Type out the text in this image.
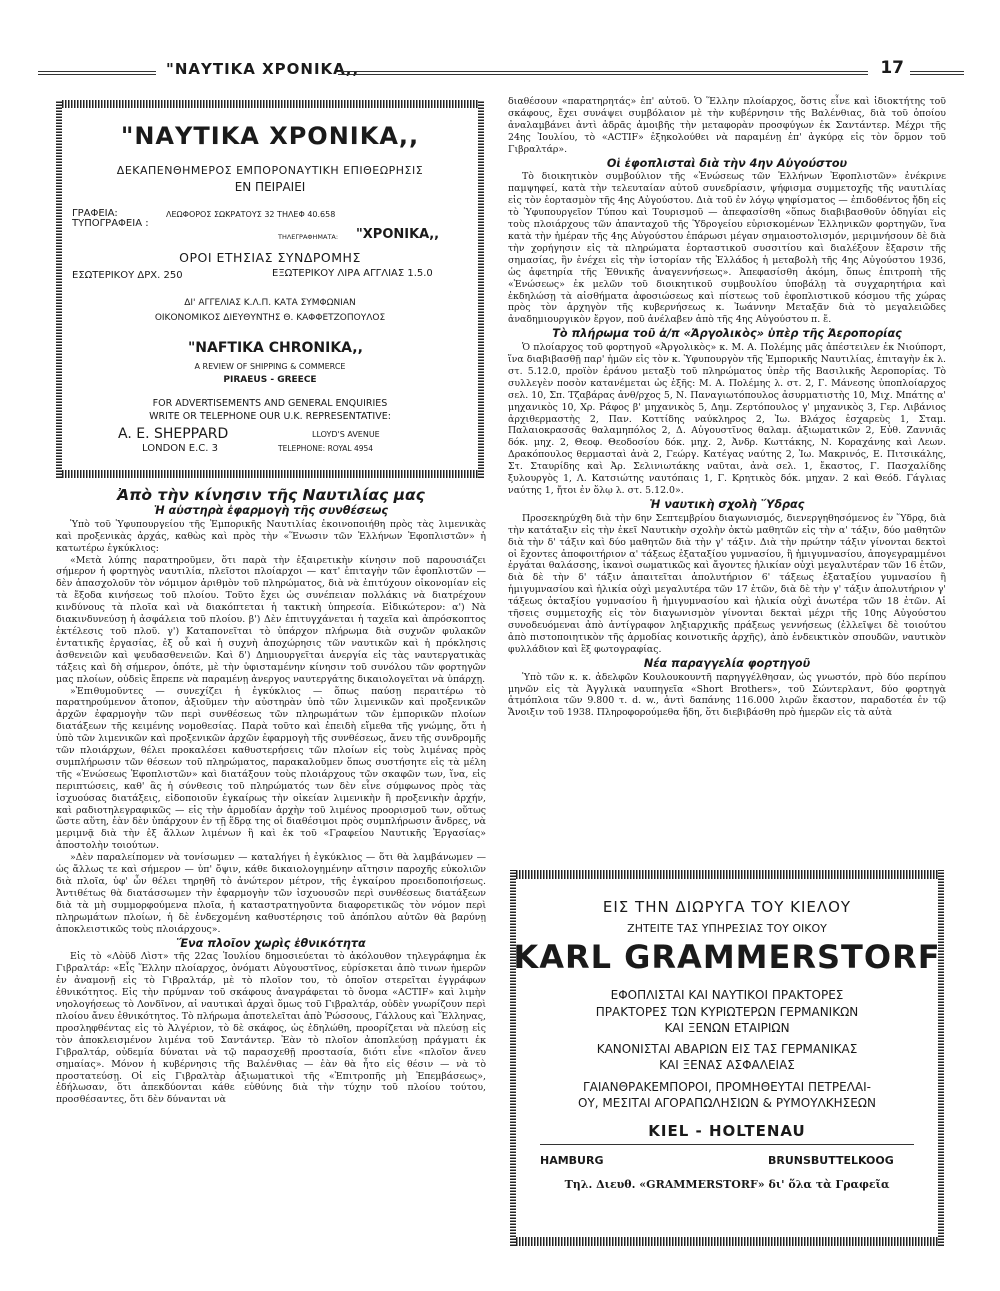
"ΝΑΥΤΙΚΑ ΧΡΟΝΙΚΑ,,	17
"ΝΑΥΤΙΚΑ ΧΡΟΝΙΚΑ,,
ΔΕΚΑΠΕΝΘΗΜΕΡΟΣ ΕΜΠΟΡΟΝΑΥΤΙΚΗ ΕΠΙΘΕΩΡΗΣΙΣ
ΕΝ ΠΕΙΡΑΙΕΙ
ΓΡΑΦΕΙΑ:
ΤΥΠΟΓΡΑΦΕΙΑ :
ΛΕΩΦΟΡΟΣ ΣΩΚΡΑΤΟΥΣ 32 ΤΗΛΕΦ 40.658
ΤΗΛΕΓΡΑΦΗΜΑΤΑ: "ΧΡΟΝΙΚΑ,,
ΟΡΟΙ ΕΤΗΣΙΑΣ ΣΥΝΔΡΟΜΗΣ
ΕΣΩΤΕΡΙΚΟΥ ΔΡΧ. 250	ΕΞΩΤΕΡΙΚΟΥ ΛΙΡΑ ΑΓΓΛΙΑΣ 1.5.0
ΔΙ' ΑΓΓΕΛΙΑΣ Κ.Λ.Π. ΚΑΤΑ ΣΥΜΦΩΝΙΑΝ
ΟΙΚΟΝΟΜΙΚΟΣ ΔΙΕΥΘΥΝΤΗΣ Θ. ΚΑΦΦΕΤΖΟΠΟΥΛΟΣ
"NAFTIKA CHRONIKA,,
A REVIEW OF SHIPPING & COMMERCE
PIRAEUS - GREECE
FOR ADVERTISEMENTS AND GENERAL ENQUIRIES
WRITE OR TELEPHONE OUR U.K. REPRESENTATIVE:
A. E. SHEPPARD	LLOYD'S AVENUE
LONDON E.C. 3	TELEPHONE: ROYAL 4954
Ἀπὸ τὴν κίνησιν τῆς Ναυτιλίας μας
Ἡ αὐστηρὰ ἐφαρμογὴ τῆς συνθέσεως

Ὑπὸ τοῦ Ὑφυπουργείου τῆς Ἐμπορικῆς Ναυτιλίας ἐκοινοποιήθη πρὸς τὰς λιμενικὰς καὶ προξενικὰς ἀρχάς, καθὼς καὶ πρὸς τὴν «Ἕνωσιν τῶν Ἑλλήνων Ἐφοπλιστῶν» ἡ κατωτέρω ἐγκύκλιος:

«Μετὰ λύπης παρατηροῦμεν, ὅτι παρὰ τὴν ἐξαιρετικὴν κίνησιν ποῦ παρουσιάζει σήμερον ἡ φορτηγὸς ναυτιλία, πλεῖστοι πλοίαρχοι — κατ' ἐπιταγὴν τῶν ἐφοπλιστῶν — δὲν ἀπασχολοῦν τὸν νόμιμον ἀριθμὸν τοῦ πληρώματος, διὰ νὰ ἐπιτύχουν οἰκονομίαν εἰς τὰ ἔξοδα κινήσεως τοῦ πλοίου. Τοῦτο ἔχει ὡς συνέπειαν πολλάκις νὰ διατρέχουν κινδύνους τὰ πλοῖα καὶ νὰ διακόπτεται ἡ τακτικὴ ὑπηρεσία. Εἰδικώτερον: α') Νὰ διακινδυνεύσῃ ἡ ἀσφάλεια τοῦ πλοίου. β') Δὲν ἐπιτυγχάνεται ἡ ταχεῖα καὶ ἀπρόσκοπτος ἐκτέλεσις τοῦ πλοῦ. γ') Καταπονεῖται τὸ ὑπάρχον πλήρωμα διὰ συχνῶν φυλακῶν ἐντατικῆς ἐργασίας, ἐξ οὗ καὶ ἡ συχνὴ ἀποχώρησις τῶν ναυτικῶν καὶ ἡ πρόκλησις ἀσθενειῶν καὶ ψευδασθενειῶν. Καὶ δ') Δημιουργεῖται ἀνεργία εἰς τὰς ναυτεργατικὰς τάξεις καὶ δὴ σήμερον, ὁπότε, μὲ τὴν ὑφισταμένην κίνησιν τοῦ συνόλου τῶν φορτηγῶν μας πλοίων, οὐδεὶς ἔπρεπε νὰ παραμένῃ ἀνεργος ναυτεργάτης δικαιολογεῖται νὰ ὑπάρχῃ.

»Ἐπιθυμοῦντες — συνεχίζει ἡ ἐγκύκλιος — ὅπως παύσῃ περαιτέρω τὸ παρατηρούμενον ἄτοπον, ἀξιοῦμεν τὴν αὐστηρὰν ὑπὸ τῶν λιμενικῶν καὶ προξενικῶν ἀρχῶν ἐφαρμογὴν τῶν περὶ συνθέσεως τῶν πληρωμάτων τῶν ἐμπορικῶν πλοίων διατάξεων τῆς κειμένης νομοθεσίας. Παρὰ τοῦτο καὶ ἐπειδὴ εἴμεθα τῆς γνώμης, ὅτι ἡ ὑπὸ τῶν λιμενικῶν καὶ προξενικῶν ἀρχῶν ἐφαρμογὴ τῆς συνθέσεως, ἄνευ τῆς συνδρομῆς τῶν πλοιάρχων, θέλει προκαλέσει καθυστερήσεις τῶν πλοίων εἰς τοὺς λιμένας πρὸς συμπλήρωσιν τῶν θέσεων τοῦ πληρώματος, παρακαλοῦμεν ὅπως συστήσητε εἰς τὰ μέλη τῆς «Ἑνώσεως Ἐφοπλιστῶν» καὶ διατάξουν τοὺς πλοιάρχους τῶν σκαφῶν των, ἵνα, εἰς περιπτώσεις, καθ' ἃς ἡ σύνθεσις τοῦ πληρώματός των δὲν εἶνε σύμφωνος πρὸς τὰς ἰσχυούσας διατάξεις, εἰδοποιοῦν ἐγκαίρως τὴν οἰκείαν λιμενικὴν ἢ προξενικὴν ἀρχήν, καὶ ραδιοτηλεγραφικῶς — εἰς τὴν ἀρμοδίαν ἀρχὴν τοῦ λιμένος προορισμοῦ των, οὕτως ὥστε αὕτη, ἐὰν δὲν ὑπάρχουν ἐν τῇ ἕδρᾳ της οἱ διαθέσιμοι πρὸς συμπλήρωσιν ἄνδρες, νὰ μεριμνᾷ διὰ τὴν ἐξ ἄλλων λιμένων ἢ καὶ ἐκ τοῦ «Γραφείου Ναυτικῆς Ἐργασίας» ἀποστολὴν τοιούτων.

»Δὲν παραλείπομεν νὰ τονίσωμεν — καταλήγει ἡ ἐγκύκλιος — ὅτι θὰ λαμβάνωμεν — ὡς ἄλλως τε καὶ σήμερον — ὑπ' ὄψιν, κάθε δικαιολογημένην αἴτησιν παροχῆς εὐκολιῶν διὰ πλοῖα, ὑφ' ὧν θέλει τηρηθῆ τὸ ἀνώτερον μέτρον, τῆς ἐγκαίρου προειδοποιήσεως. Ἀντιθέτως θὰ διατάσσωμεν τὴν ἐφαρμογὴν τῶν ἰσχυουσῶν περὶ συνθέσεως διατάξεων διὰ τὰ μὴ συμμορφούμενα πλοῖα, ἡ καταστρατηγοῦντα διαφορετικῶς τὸν νόμον περὶ πληρωμάτων πλοίων, ἡ δὲ ἐνδεχομένη καθυστέρησις τοῦ ἀπόπλου αὐτῶν θὰ βαρύνῃ ἀποκλειστικῶς τοὺς πλοιάρχους».

Ἕνα πλοῖον χωρὶς ἐθνικότητα

Εἰς τὸ «Λὸϋδ Λὶστ» τῆς 22ας Ἰουλίου δημοσιεύεται τὸ ἀκόλουθον τηλεγράφημα ἐκ Γιβραλτάρ: «Εἷς Ἕλλην πλοίαρχος, ὀνόματι Αὐγουστῖνος, εὑρίσκεται ἀπὸ τινων ἡμερῶν ἐν ἀναμονῇ εἰς τὸ Γιβραλτάρ, μὲ τὸ πλοῖον του, τὸ ὁποῖον στερεῖται ἐγγράφων ἐθνικότητος. Εἰς τὴν πρύμναν τοῦ σκάφους ἀναγράφεται τὸ ὄνομα «ACTIF» καὶ λιμὴν νηολογήσεως τὸ Λονδῖνον, αἱ ναυτικαὶ ἀρχαὶ ὅμως τοῦ Γιβραλτάρ, οὐδὲν γνωρίζουν περὶ πλοίου ἄνευ ἐθνικότητος. Τὸ πλήρωμα ἀποτελεῖται ἀπὸ Ῥώσσους, Γάλλους καὶ Ἕλληνας, προσληφθέντας εἰς τὸ Ἀλγέριον, τὸ δὲ σκάφος, ὡς ἐδηλώθη, προορίζεται νὰ πλεύσῃ εἰς τὸν ἀποκλεισμένον λιμένα τοῦ Σαντάντερ. Ἐὰν τὸ πλοῖον ἀποπλεύσῃ πράγματι ἐκ Γιβραλτάρ, οὐδεμία δύναται νὰ τῷ παρασχεθῇ προστασία, διότι εἶνε «πλοῖον ἄνευ σημαίας». Μόνον ἡ κυβέρνησις τῆς Βαλένθιας — ἐὰν θὰ ἦτο εἰς θέσιν — νὰ τὸ προστατεύσῃ. Οἱ εἰς Γιβραλτὰρ ἀξιωματικοὶ τῆς «Ἐπιτροπῆς μὴ Ἐπεμβάσεως», ἐδήλωσαν, ὅτι ἀπεκδύονται κάθε εὐθύνης διὰ τὴν τύχην τοῦ πλοίου τούτου, προσθέσαντες, ὅτι δὲν δύνανται νὰ

διαθέσουν «παρατηρητάς» ἐπ' αὐτοῦ. Ὁ Ἕλλην πλοίαρχος, ὅστις εἶνε καὶ ἰδιοκτήτης τοῦ σκάφους, ἔχει συνάψει συμβόλαιον μὲ τὴν κυβέρνησιν τῆς Βαλένθιας, διὰ τοῦ ὁποίου ἀναλαμβάνει ἀντὶ ἁδρᾶς ἀμοιβῆς τὴν μεταφορὰν προσφύγων ἐκ Σαντάντερ. Μέχρι τῆς 24ης Ἰουλίου, τὸ «ACTIF» ἐξηκολούθει νὰ παραμένῃ ἐπ' ἀγκύρᾳ εἰς τὸν ὅρμον τοῦ Γιβραλτάρ».

Οἱ ἐφοπλισταὶ διὰ τὴν 4ην Αὐγούστου

Τὸ διοικητικὸν συμβούλιον τῆς «Ἑνώσεως τῶν Ἑλλήνων Ἐφοπλιστῶν» ἐνέκρινε παμψηφεί, κατὰ τὴν τελευταίαν αὐτοῦ συνεδρίασιν, ψήφισμα συμμετοχῆς τῆς ναυτιλίας εἰς τὸν ἑορτασμὸν τῆς 4ης Αὐγούστου. Διὰ τοῦ ἐν λόγῳ ψηφίσματος — ἐπιδοθέντος ἤδη εἰς τὸ Ὑφυπουργεῖον Τύπου καὶ Τουρισμοῦ — ἀπεφασίσθη «ὅπως διαβιβασθοῦν ὁδηγίαι εἰς τοὺς πλοιάρχους τῶν ἁπανταχοῦ τῆς Ὑδρογείου εὑρισκομένων Ἑλληνικῶν φορτηγῶν, ἵνα κατὰ τὴν ἡμέραν τῆς 4ης Αὐγούστου ἐπάρωσι μέγαν σημαιοστολισμόν, μεριμνήσουν δὲ διὰ τὴν χορήγησιν εἰς τὰ πληρώματα ἑορταστικοῦ συσσιτίου καὶ διαλέξουν ἔξαρσιν τῆς σημασίας, ἣν ἐνέχει εἰς τὴν ἱστορίαν τῆς Ἑλλάδος ἡ μεταβολὴ τῆς 4ης Αὐγούστου 1936, ὡς ἀφετηρία τῆς Ἐθνικῆς ἀναγεννήσεως». Ἀπεφασίσθη ἀκόμη, ὅπως ἐπιτροπὴ τῆς «Ἑνώσεως» ἐκ μελῶν τοῦ διοικητικοῦ συμβουλίου ὑποβάλῃ τὰ συγχαρητήρια καὶ ἐκδηλώσῃ τὰ αἰσθήματα ἀφοσιώσεως καὶ πίστεως τοῦ ἐφοπλιστικοῦ κόσμου τῆς χώρας πρὸς τὸν ἀρχηγὸν τῆς κυβερνήσεως κ. Ἰωάννην Μεταξᾶν διὰ τὸ μεγαλειῶδες ἀναδημιουργικὸν ἔργον, ποῦ ἀνέλαβεν ἀπὸ τῆς 4ης Αὐγούστου π. ἔ.

Τὸ πλήρωμα τοῦ ἀ/π «Ἀργολικὸς» ὑπὲρ τῆς Ἀεροπορίας

Ὁ πλοίαρχος τοῦ φορτηγοῦ «Ἀργολικὸς» κ. Μ. Α. Πολέμης μᾶς ἀπέστειλεν ἐκ Νιούπορτ, ἵνα διαβιβασθῇ παρ' ἡμῶν εἰς τὸν κ. Ὑφυπουργὸν τῆς Ἐμπορικῆς Ναυτιλίας, ἐπιταγὴν ἐκ λ. στ. 5.12.0, προϊὸν ἐράνου μεταξὺ τοῦ πληρώματος ὑπὲρ τῆς Βασιλικῆς Ἀεροπορίας. Τὸ συλλεγὲν ποσὸν κατανέμεται ὡς ἑξῆς: Μ. Α. Πολέμης λ. στ. 2, Γ. Μάνεσης ὑποπλοίαρχος σελ. 10, Σπ. Τζαβάρας ἀνθ/ρχος 5, Ν. Παναγιωτόπουλος ἀσυρματιστὴς 10, Μιχ. Μπάτης α' μηχανικὸς 10, Χρ. Ράφος β' μηχανικὸς 5, Δημ. Ζερτόπουλος γ' μηχανικὸς 3, Γερ. Λιβάνιος ἀρχιθερμαστὴς 2, Παν. Κοττίδης ναύκληρος 2, Ἰω. Βλάχος ἐσχαρεὺς 1, Σταμ. Παλαιοκρασσᾶς θαλαμηπόλος 2, Δ. Αὐγουστῖνος θαλαμ. ἀξιωματικῶν 2, Εὐθ. Ζαννιᾶς δόκ. μηχ. 2, Θεοφ. Θεοδοσίου δόκ. μηχ. 2, Ἀνδρ. Κωττάκης, Ν. Κοραχάνης καὶ Λεων. Δρακόπουλος θερμασταὶ ἀνὰ 2, Γεώργ. Κατέγας ναύτης 2, Ἰω. Μακρινός, Ε. Πιτσικάλης, Στ. Σταυρίδης καὶ Ἀρ. Σελινιωτάκης ναῦται, ἀνὰ σελ. 1, ἔκαστος, Γ. Πασχαλίδης ξυλουργὸς 1, Λ. Κατσιώτης ναυτόπαις 1, Γ. Κρητικὸς δόκ. μηχαν. 2 καὶ Θεόδ. Γάγλιας ναύτης 1, ἤτοι ἐν ὅλῳ λ. στ. 5.12.0».

Ἡ ναυτικὴ σχολὴ Ὕδρας

Προσεκηρύχθη διὰ τὴν 6ην Σεπτεμβρίου διαγωνισμός, διενεργηθησόμενος ἐν Ὕδρᾳ, διὰ τὴν κατάταξιν εἰς τὴν ἐκεῖ Ναυτικὴν σχολὴν ὀκτὼ μαθητῶν εἰς τὴν α' τάξιν, δύο μαθητῶν διὰ τὴν δ' τάξιν καὶ δύο μαθητῶν διὰ τὴν γ' τάξιν. Διὰ τὴν πρώτην τάξιν γίνονται δεκτοὶ οἱ ἔχοντες ἀποφοιτήριον α' τάξεως ἑξαταξίου γυμνασίου, ἢ ἡμιγυμνασίου, ἀπογεγραμμένοι ἐργάται θαλάσσης, ἱκανοὶ σωματικῶς καὶ ἄγοντες ἡλικίαν οὐχὶ μεγαλυτέραν τῶν 16 ἐτῶν, διὰ δὲ τὴν δ' τάξιν ἀπαιτεῖται ἀπολυτήριον 6' τάξεως ἑξαταξίου γυμνασίου ἢ ἡμιγυμνασίου καὶ ἡλικία οὐχὶ μεγαλυτέρα τῶν 17 ἐτῶν, διὰ δὲ τὴν γ' τάξιν ἀπολυτήριον γ' τάξεως ὀκταξίου γυμνασίου ἢ ἡμιγυμνασίου καὶ ἡλικία οὐχὶ ἀνωτέρα τῶν 18 ἐτῶν. Αἱ τῆσεις συμμετοχῆς εἰς τὸν διαγωνισμὸν γίνονται δεκταὶ μέχρι τῆς 10ης Αὐγούστου συνοδευόμεναι ἀπὸ ἀντίγραφον ληξιαρχικῆς πράξεως γεννήσεως (ἐλλεῖψει δὲ τοιούτου ἀπὸ πιστοποιητικὸν τῆς ἁρμοδίας κοινοτικῆς ἀρχῆς), ἀπὸ ἐνδεικτικὸν σπουδῶν, ναυτικὸν φυλλάδιον καὶ ἓξ φωτογραφίας.

Νέα παραγγελία φορτηγοῦ

Ὑπὸ τῶν κ. κ. ἀδελφῶν Κουλουκουντῆ παρηγγέλθησαν, ὡς γνωστόν, πρὸ δύο περίπου μηνῶν εἰς τὰ Ἀγγλικὰ ναυπηγεῖα «Short Brothers», τοῦ Σώντερλαντ, δύο φορτηγὰ ἀτμόπλοια τῶν 9.800 τ. d. w., ἀντὶ δαπάνης 116.000 λιρῶν ἕκαστον, παραδοτέα ἐν τῷ Ἄνοιξιν τοῦ 1938. Πληροφορούμεθα ἤδη, ὅτι διεβιβάσθη πρὸ ἡμερῶν εἰς τὰ αὐτὰ

ΕΙΣ ΤΗΝ ΔΙΩΡΥΓΑ ΤΟΥ ΚΙΕΛΟΥ
ΖΗΤΕΙΤΕ ΤΑΣ ΥΠΗΡΕΣΙΑΣ ΤΟΥ ΟΙΚΟΥ
KARL GRAMMERSTORF
ΕΦΟΠΛΙΣΤΑΙ ΚΑΙ ΝΑΥΤΙΚΟΙ ΠΡΑΚΤΟΡΕΣ
ΠΡΑΚΤΟΡΕΣ ΤΩΝ ΚΥΡΙΩΤΕΡΩΝ ΓΕΡΜΑΝΙΚΩΝ
ΚΑΙ ΞΕΝΩΝ ΕΤΑΙΡΙΩΝ
ΚΑΝΟΝΙΣΤΑΙ ΑΒΑΡΙΩΝ ΕΙΣ ΤΑΣ ΓΕΡΜΑΝΙΚΑΣ
ΚΑΙ ΞΕΝΑΣ ΑΣΦΑΛΕΙΑΣ
ΓΑΙΑΝΘΡΑΚΕΜΠΟΡΟΙ, ΠΡΟΜΗΘΕΥΤΑΙ ΠΕΤΡΕΛΑΙ-
ΟΥ, ΜΕΣΙΤΑΙ ΑΓΟΡΑΠΩΛΗΣΙΩΝ & ΡΥΜΟΥΛΚΗΣΕΩΝ
KIEL - HOLTENAU
HAMBURG	BRUNSBUTTELKOOG
Τηλ. Διευθ. «GRAMMERSTORF» δι' ὅλα τὰ Γραφεῖα
